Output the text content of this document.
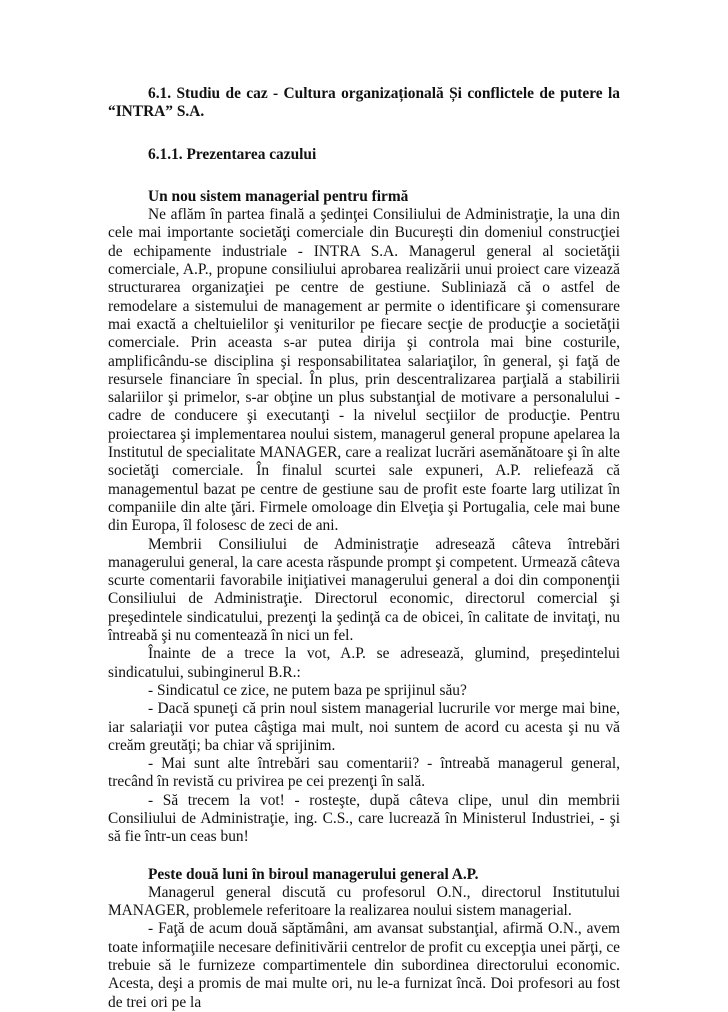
6.1. Studiu de caz - Cultura organizațională Și conflictele de putere la “INTRA” S.A.
6.1.1. Prezentarea cazului
Un nou sistem managerial pentru firmă

Ne aflăm în partea finală a şedinţei Consiliului de Administraţie, la una din cele mai importante societăţi comerciale din Bucureşti din domeniul construcţiei de echipamente industriale - INTRA S.A. Managerul general al societăţii comerciale, A.P., propune consiliului aprobarea realizării unui proiect care vizează structurarea organizaţiei pe centre de gestiune. Subliniază că o astfel de remodelare a sistemului de management ar permite o identificare şi comensurare mai exactă a cheltuielilor şi veniturilor pe fiecare secţie de producţie a societăţii comerciale. Prin aceasta s-ar putea dirija şi controla mai bine costurile, amplificându-se disciplina şi responsabilitatea salariaţilor, în general, şi faţă de resursele financiare în special. În plus, prin descentralizarea parţială a stabilirii salariilor şi primelor, s-ar obţine un plus substanţial de motivare a personalului - cadre de conducere şi executanţi - la nivelul secţiilor de producţie. Pentru proiectarea şi implementarea noului sistem, managerul general propune apelarea la Institutul de specialitate MANAGER, care a realizat lucrări asemănătoare şi în alte societăţi comerciale. În finalul scurtei sale expuneri, A.P. reliefează că managementul bazat pe centre de gestiune sau de profit este foarte larg utilizat în companiile din alte ţări. Firmele omoloage din Elveţia şi Portugalia, cele mai bune din Europa, îl folosesc de zeci de ani.

Membrii Consiliului de Administraţie adresează câteva întrebări managerului general, la care acesta răspunde prompt şi competent. Urmează câteva scurte comentarii favorabile iniţiativei managerului general a doi din componenţii Consiliului de Administraţie. Directorul economic, directorul comercial şi preşedintele sindicatului, prezenţi la şedinţă ca de obicei, în calitate de invitaţi, nu întreabă şi nu comentează în nici un fel.

Înainte de a trece la vot, A.P. se adresează, glumind, preşedintelui sindicatului, subinginerul B.R.:

- Sindicatul ce zice, ne putem baza pe sprijinul său?

- Dacă spuneţi că prin noul sistem managerial lucrurile vor merge mai bine, iar salariaţii vor putea câştiga mai mult, noi suntem de acord cu acesta şi nu vă creăm greutăţi; ba chiar vă sprijinim.

- Mai sunt alte întrebări sau comentarii? - întreabă managerul general, trecând în revistă cu privirea pe cei prezenţi în sală.

- Să trecem la vot! - rosteşte, după câteva clipe, unul din membrii Consiliului de Administraţie, ing. C.S., care lucrează în Ministerul Industriei, - şi să fie într-un ceas bun!

Peste două luni în biroul managerului general A.P.

Managerul general discută cu profesorul O.N., directorul Institutului MANAGER, problemele referitoare la realizarea noului sistem managerial.

- Faţă de acum două săptămâni, am avansat substanţial, afirmă O.N., avem toate informaţiile necesare definitivării centrelor de profit cu excepţia unei părţi, ce trebuie să le furnizeze compartimentele din subordinea directorului economic. Acesta, deşi a promis de mai multe ori, nu le-a furnizat încă. Doi profesori au fost de trei ori pe la
